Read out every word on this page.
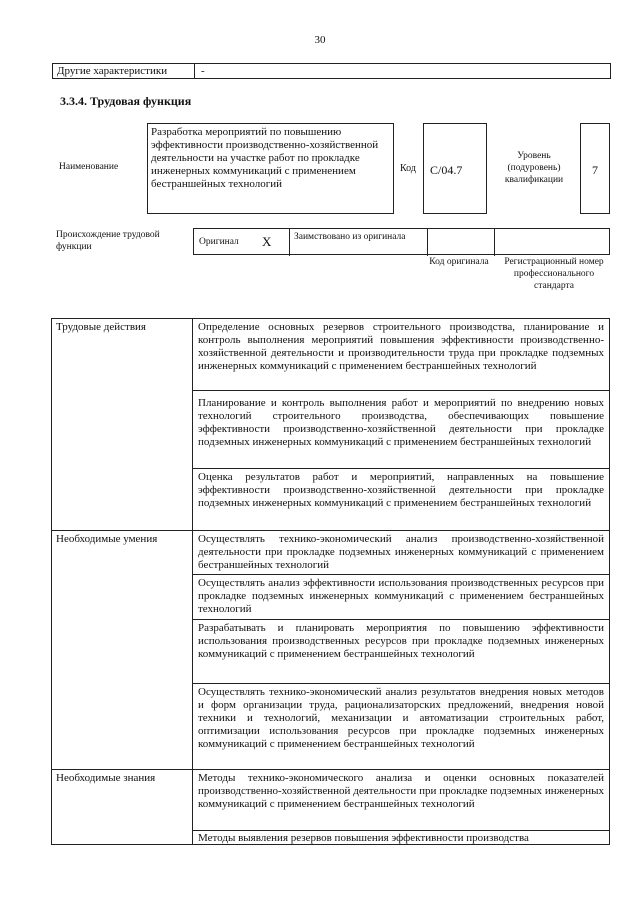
30
Другие характеристики	-
3.3.4. Трудовая функция
Наименование
Разработка мероприятий по повышению эффективности производственно-хозяйственной деятельности на участке работ по прокладке инженерных коммуникаций с применением бестраншейных технологий
Код	C/04.7
Уровень (подуровень) квалификации
7
Происхождение трудовой функции	Оригинал X Заимствовано из оригинала
Код оригинала	Регистрационный номер профессионального стандарта
Трудовые действия	Определение основных резервов строительного производства, планирование и контроль выполнения мероприятий повышения эффективности производственно-хозяйственной деятельности и производительности труда при прокладке подземных инженерных коммуникаций с применением бестраншейных технологий
Планирование и контроль выполнения работ и мероприятий по внедрению новых технологий строительного производства, обеспечивающих повышение эффективности производственно-хозяйственной деятельности при прокладке подземных инженерных коммуникаций с применением бестраншейных технологий
Оценка результатов работ и мероприятий, направленных на повышение эффективности производственно-хозяйственной деятельности при прокладке подземных инженерных коммуникаций с применением бестраншейных технологий
Необходимые умения	Осуществлять технико-экономический анализ производственно-хозяйственной деятельности при прокладке подземных инженерных коммуникаций с применением бестраншейных технологий
Осуществлять анализ эффективности использования производственных ресурсов при прокладке подземных инженерных коммуникаций с применением бестраншейных технологий
Разрабатывать и планировать мероприятия по повышению эффективности использования производственных ресурсов при прокладке подземных инженерных коммуникаций с применением бестраншейных технологий
Осуществлять технико-экономический анализ результатов внедрения новых методов и форм организации труда, рационализаторских предложений, внедрения новой техники и технологий, механизации и автоматизации строительных работ, оптимизации использования ресурсов при прокладке подземных инженерных коммуникаций с применением бестраншейных технологий
Необходимые знания	Методы технико-экономического анализа и оценки основных показателей производственно-хозяйственной деятельности при прокладке подземных инженерных коммуникаций с применением бестраншейных технологий
Методы выявления резервов повышения эффективности производства
